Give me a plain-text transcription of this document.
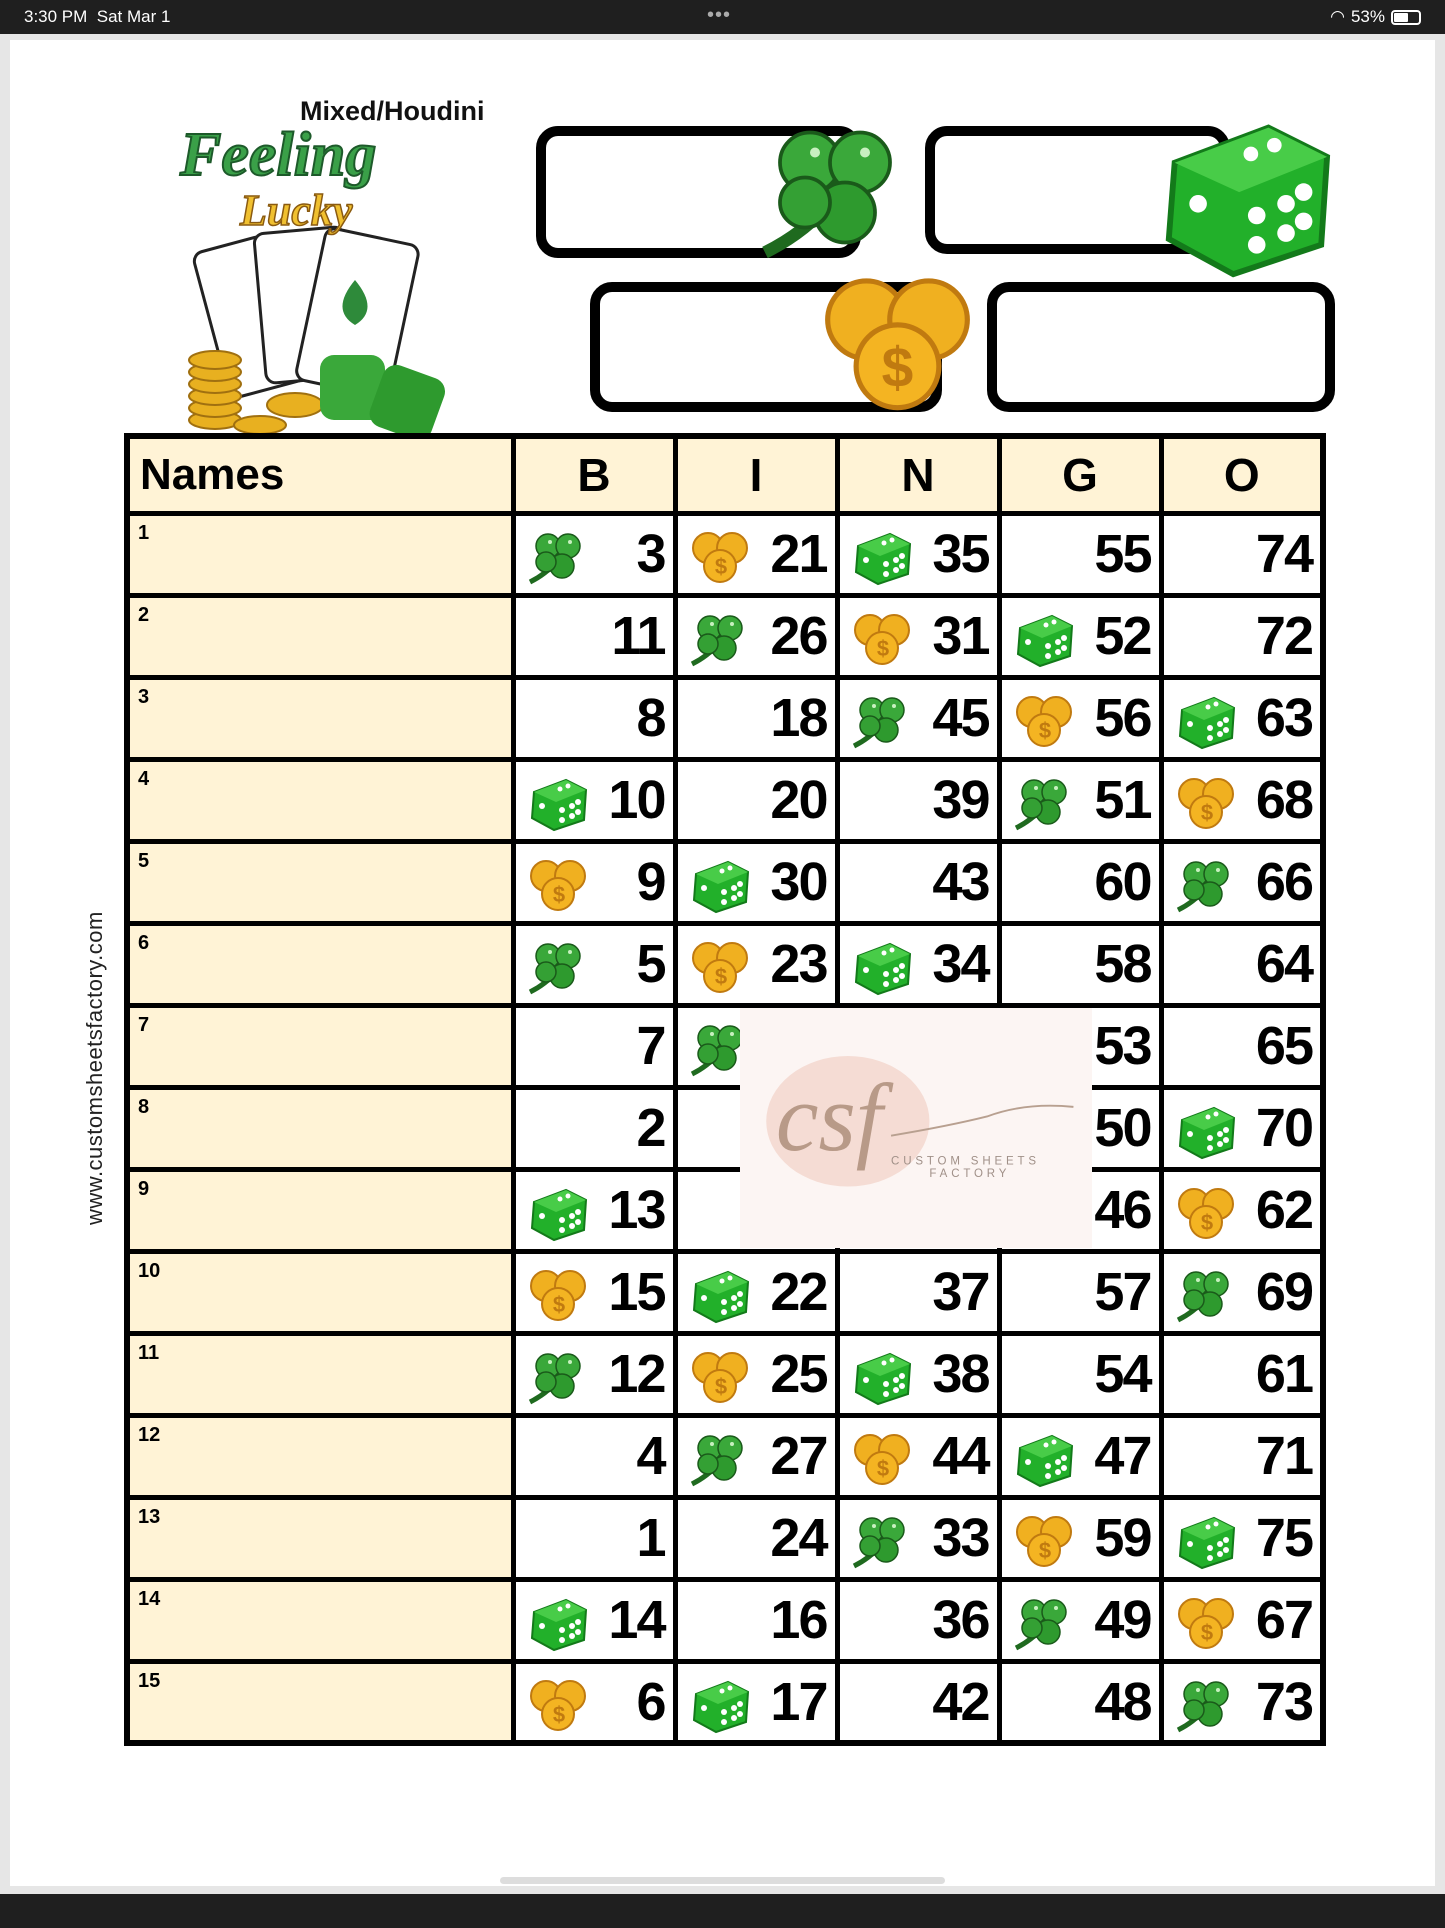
3:30 PM Sat Mar 1	•••	◠ 53%
Mixed/Houdini
Feeling
Lucky
www.customsheetsfactory.com
Names	B	I	N	G	O
1	3	21	35	55	74
2	11	26	31	52	72
3	8	18	45	56	63
4	10	20	39	51	68
5	9	30	43	60	66
6	5	23	34	58	64
7	7			53	65
8	2			50	70
9	13			46	62
10	15	22	37	57	69
11	12	25	38	54	61
12	4	27	44	47	71
13	1	24	33	59	75
14	14	16	36	49	67
15	6	17	42	48	73
csf CUSTOM SHEETS
FACTORY
